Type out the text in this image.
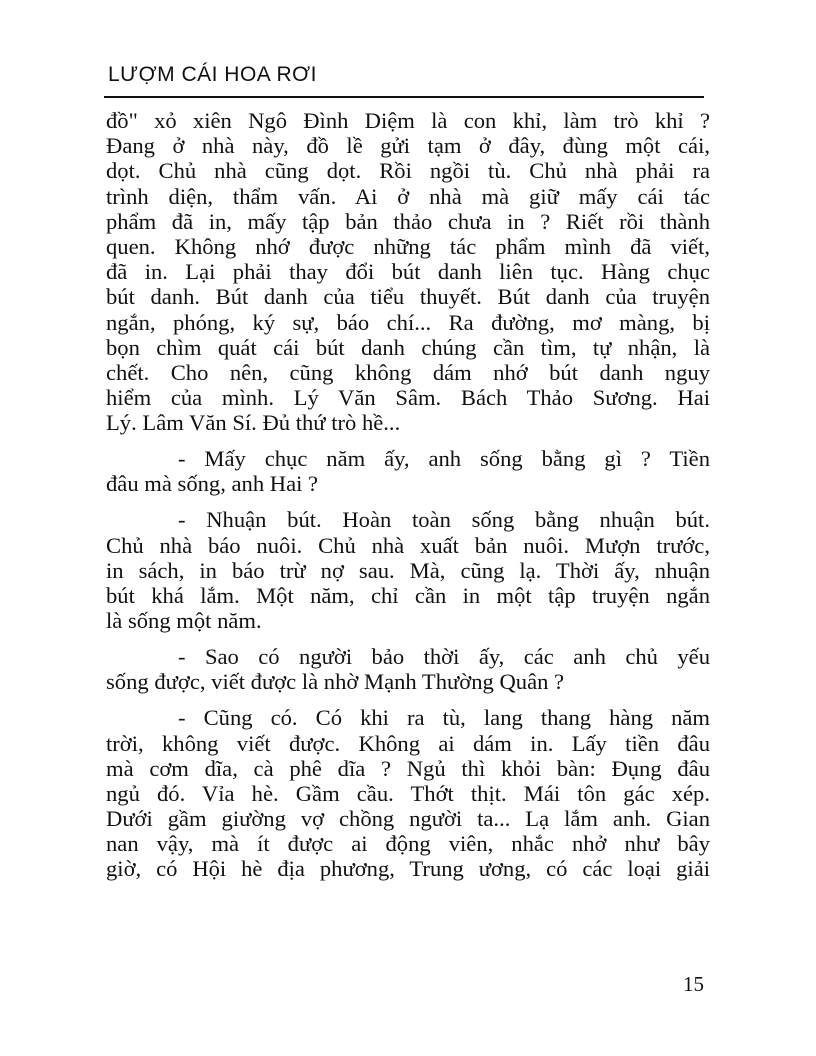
LƯỢM CÁI HOA RƠI
đồ" xỏ xiên Ngô Đình Diệm là con khỉ, làm trò khỉ ?
Đang ở nhà này, đồ lề gửi tạm ở đây, đùng một cái,
dọt. Chủ nhà cũng dọt. Rồi ngồi tù. Chủ nhà phải ra
trình diện, thẩm vấn. Ai ở nhà mà giữ mấy cái tác
phẩm đã in, mấy tập bản thảo chưa in ? Riết rồi thành
quen. Không nhớ được những tác phẩm mình đã viết,
đã in. Lại phải thay đổi bút danh liên tục. Hàng chục
bút danh. Bút danh của tiểu thuyết. Bút danh của truyện
ngắn, phóng, ký sự, báo chí... Ra đường, mơ màng, bị
bọn chìm quát cái bút danh chúng cần tìm, tự nhận, là
chết. Cho nên, cũng không dám nhớ bút danh nguy
hiểm của mình. Lý Văn Sâm. Bách Thảo Sương. Hai
Lý. Lâm Văn Sí. Đủ thứ trò hề...
- Mấy chục năm ấy, anh sống bằng gì ? Tiền
đâu mà sống, anh Hai ?
- Nhuận bút. Hoàn toàn sống bằng nhuận bút.
Chủ nhà báo nuôi. Chủ nhà xuất bản nuôi. Mượn trước,
in sách, in báo trừ nợ sau. Mà, cũng lạ. Thời ấy, nhuận
bút khá lắm. Một năm, chỉ cần in một tập truyện ngắn
là sống một năm.
- Sao có người bảo thời ấy, các anh chủ yếu
sống được, viết được là nhờ Mạnh Thường Quân ?
- Cũng có. Có khi ra tù, lang thang hàng năm
trời, không viết được. Không ai dám in. Lấy tiền đâu
mà cơm dĩa, cà phê dĩa ? Ngủ thì khỏi bàn: Đụng đâu
ngủ đó. Vỉa hè. Gầm cầu. Thớt thịt. Mái tôn gác xép.
Dưới gầm giường vợ chồng người ta... Lạ lắm anh. Gian
nan vậy, mà ít được ai động viên, nhắc nhở như bây
giờ, có Hội hè địa phương, Trung ương, có các loại giải
15
